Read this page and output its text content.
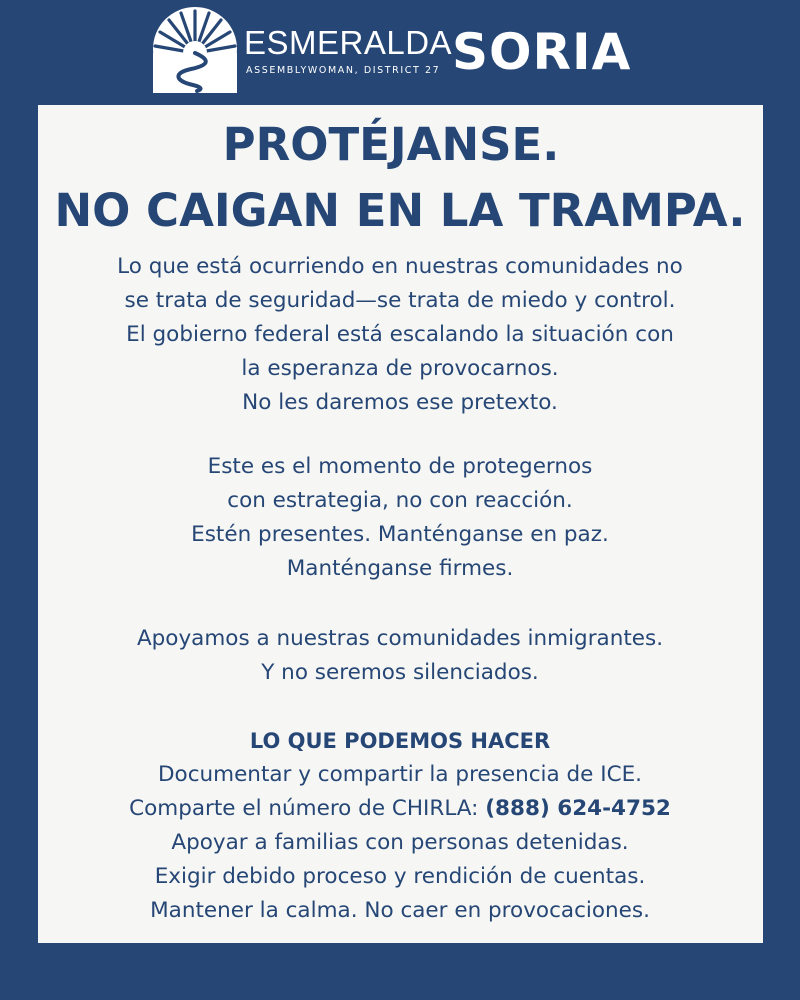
ESMERALDA SORIA
ASSEMBLYWOMAN, DISTRICT 27
PROTÉJANSE.
NO CAIGAN EN LA TRAMPA.
Lo que está ocurriendo en nuestras comunidades no
se trata de seguridad—se trata de miedo y control.
El gobierno federal está escalando la situación con
la esperanza de provocarnos.
No les daremos ese pretexto.
Este es el momento de protegernos
con estrategia, no con reacción.
Estén presentes. Manténganse en paz.
Manténganse firmes.
Apoyamos a nuestras comunidades inmigrantes.
Y no seremos silenciados.
LO QUE PODEMOS HACER
Documentar y compartir la presencia de ICE.
Comparte el número de CHIRLA: (888) 624-4752
Apoyar a familias con personas detenidas.
Exigir debido proceso y rendición de cuentas.
Mantener la calma. No caer en provocaciones.
